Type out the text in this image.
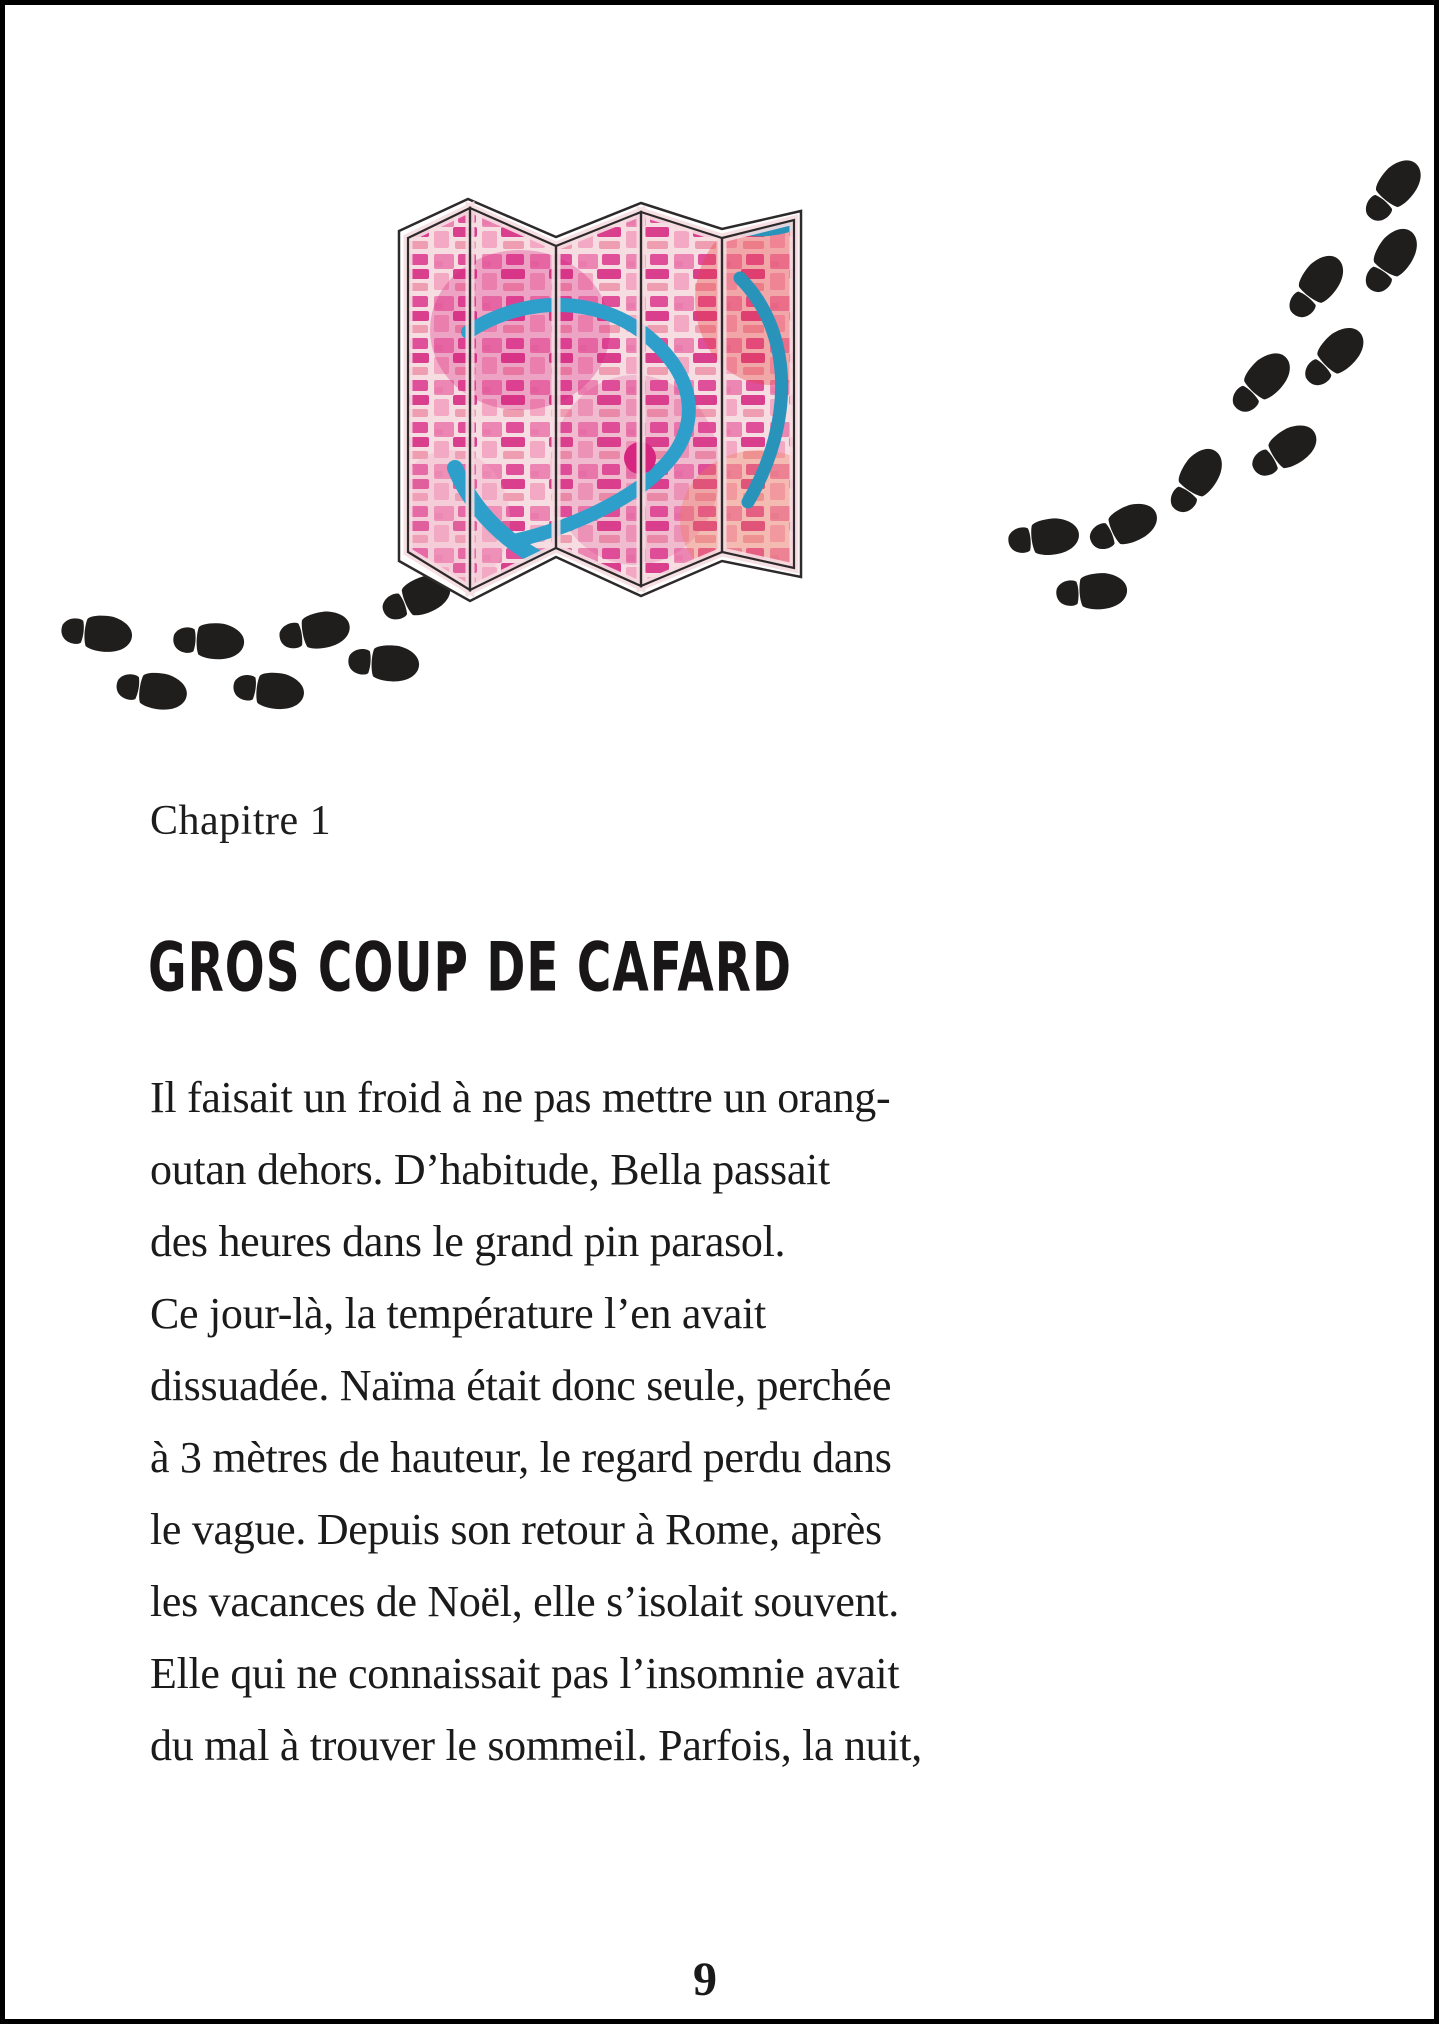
Chapitre 1
GROS COUP DE CAFARD
Il faisait un froid à ne pas mettre un orang-
outan dehors. D’habitude, Bella passait
des heures dans le grand pin parasol.
Ce jour-là, la température l’en avait
dissuadée. Naïma était donc seule, perchée
à 3 mètres de hauteur, le regard perdu dans
le vague. Depuis son retour à Rome, après
les vacances de Noël, elle s’isolait souvent.
Elle qui ne connaissait pas l’insomnie avait
du mal à trouver le sommeil. Parfois, la nuit,
9
